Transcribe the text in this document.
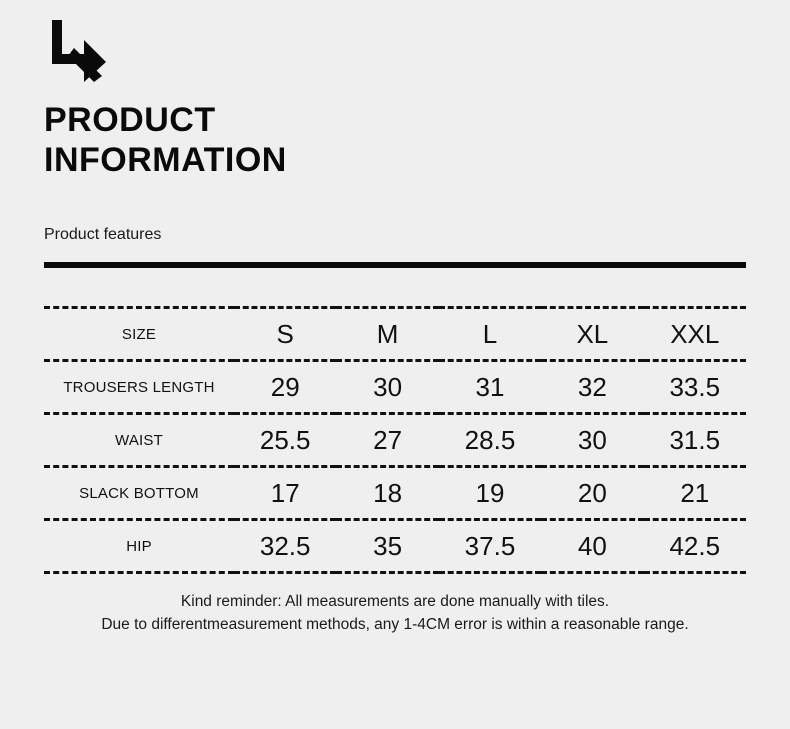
PRODUCT
INFORMATION
Product features
SIZE	S	M	L	XL	XXL
TROUSERS LENGTH	29	30	31	32	33.5
WAIST	25.5	27	28.5	30	31.5
SLACK BOTTOM	17	18	19	20	21
HIP	32.5	35	37.5	40	42.5
Kind reminder: All measurements are done manually with tiles.
Due to differentmeasurement methods, any 1-4CM error is within a reasonable range.
